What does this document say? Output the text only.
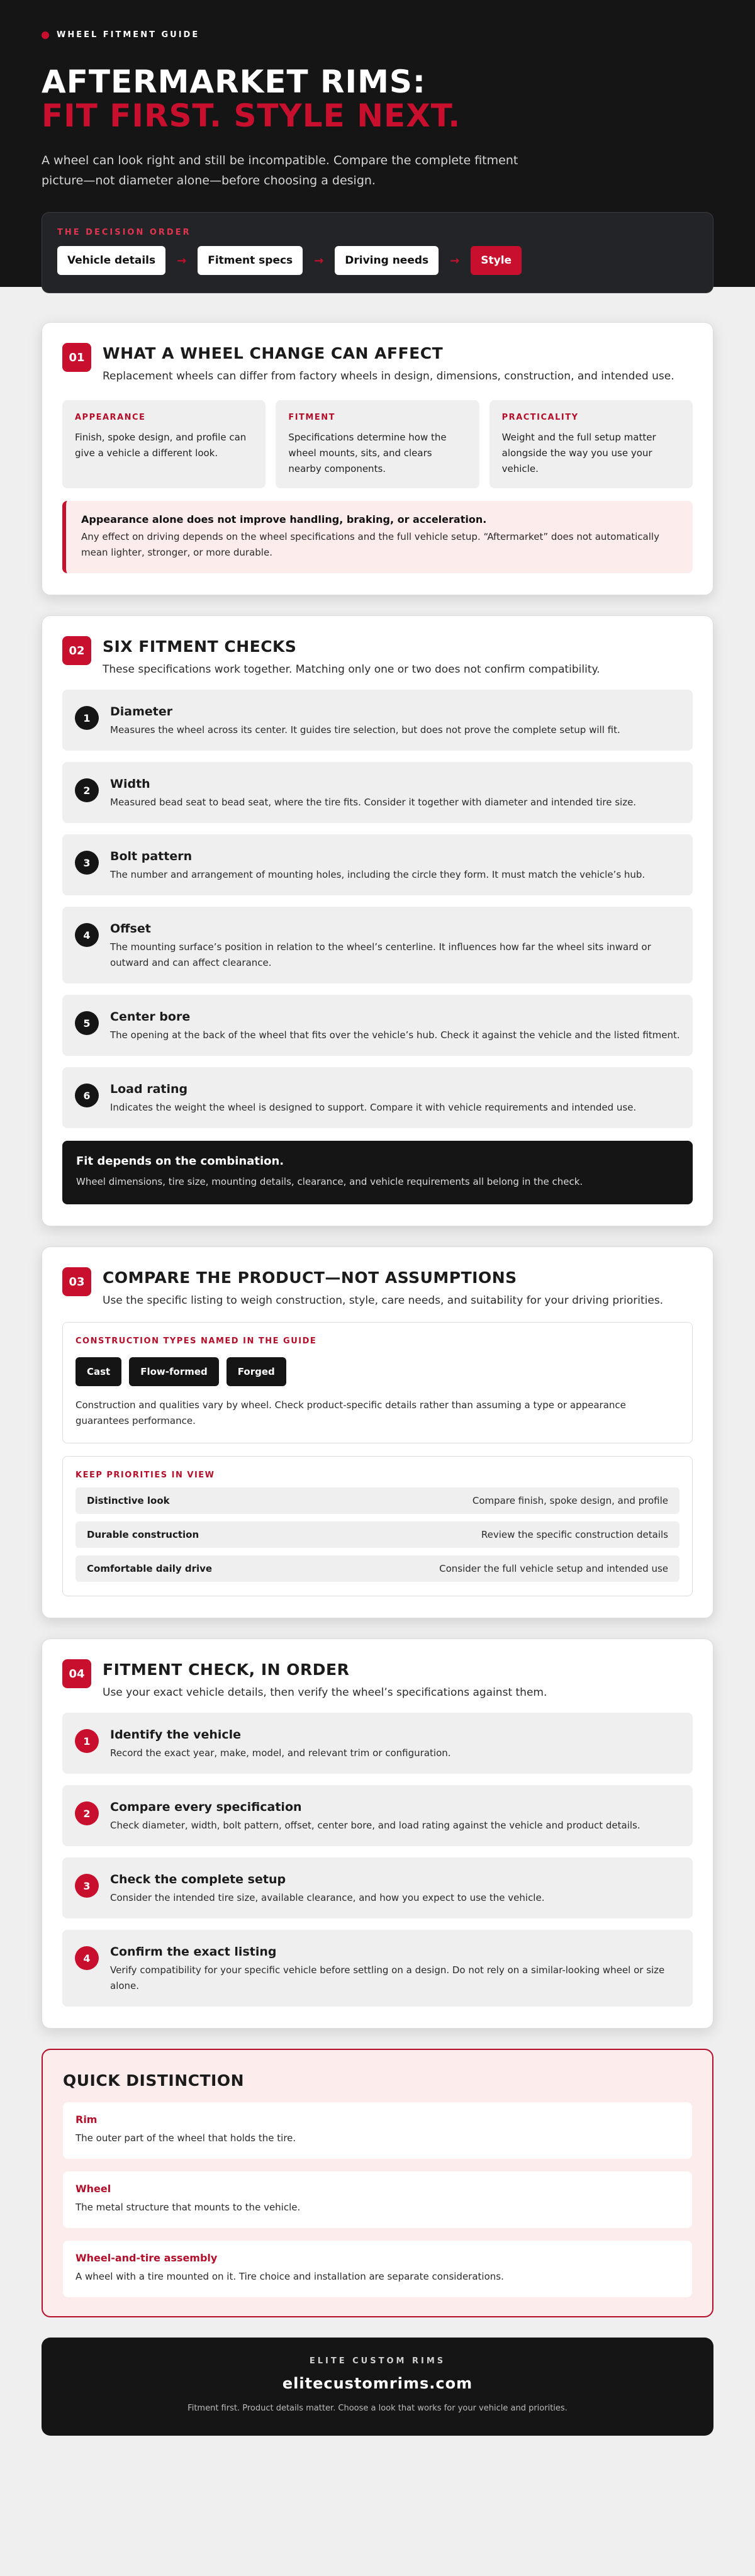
WHEEL FITMENT GUIDE
AFTERMARKET RIMS:
FIT FIRST. STYLE NEXT.

A wheel can look right and still be incompatible. Compare the complete fitment picture—not diameter alone—before choosing a design.

THE DECISION ORDER
Vehicle details	→	Fitment specs	→	Driving needs	→	Style
01	WHAT A WHEEL CHANGE CAN AFFECT

Replacement wheels can differ from factory wheels in design, dimensions, construction, and intended use.

APPEARANCE
Finish, spoke design, and profile can give a vehicle a different look.
FITMENT
Specifications determine how the wheel mounts, sits, and clears nearby components.
PRACTICALITY
Weight and the full setup matter alongside the way you use your vehicle.
Appearance alone does not improve handling, braking, or acceleration.
Any effect on driving depends on the wheel specifications and the full vehicle setup. “Aftermarket” does not automatically mean lighter, stronger, or more durable.
02	SIX FITMENT CHECKS

These specifications work together. Matching only one or two does not confirm compatibility.

1	Diameter
Measures the wheel across its center. It guides tire selection, but does not prove the complete setup will fit.
2	Width
Measured bead seat to bead seat, where the tire fits. Consider it together with diameter and intended tire size.
3	Bolt pattern
The number and arrangement of mounting holes, including the circle they form. It must match the vehicle’s hub.
4	Offset
The mounting surface’s position in relation to the wheel’s centerline. It influences how far the wheel sits inward or outward and can affect clearance.
5	Center bore
The opening at the back of the wheel that fits over the vehicle’s hub. Check it against the vehicle and the listed fitment.
6	Load rating
Indicates the weight the wheel is designed to support. Compare it with vehicle requirements and intended use.
Fit depends on the combination.
Wheel dimensions, tire size, mounting details, clearance, and vehicle requirements all belong in the check.
03	COMPARE THE PRODUCT—NOT ASSUMPTIONS

Use the specific listing to weigh construction, style, care needs, and suitability for your driving priorities.

CONSTRUCTION TYPES NAMED IN THE GUIDE
Cast	Flow-formed	Forged
Construction and qualities vary by wheel. Check product-specific details rather than assuming a type or appearance guarantees performance.
KEEP PRIORITIES IN VIEW
Distinctive look	Compare finish, spoke design, and profile
Durable construction	Review the specific construction details
Comfortable daily drive	Consider the full vehicle setup and intended use
04	FITMENT CHECK, IN ORDER

Use your exact vehicle details, then verify the wheel’s specifications against them.

1	Identify the vehicle
Record the exact year, make, model, and relevant trim or configuration.
2	Compare every specification
Check diameter, width, bolt pattern, offset, center bore, and load rating against the vehicle and product details.
3	Check the complete setup
Consider the intended tire size, available clearance, and how you expect to use the vehicle.
4	Confirm the exact listing
Verify compatibility for your specific vehicle before settling on a design. Do not rely on a similar-looking wheel or size alone.
QUICK DISTINCTION
Rim
The outer part of the wheel that holds the tire.
Wheel
The metal structure that mounts to the vehicle.
Wheel-and-tire assembly
A wheel with a tire mounted on it. Tire choice and installation are separate considerations.
ELITE CUSTOM RIMS
elitecustomrims.com
Fitment first. Product details matter. Choose a look that works for your vehicle and priorities.
